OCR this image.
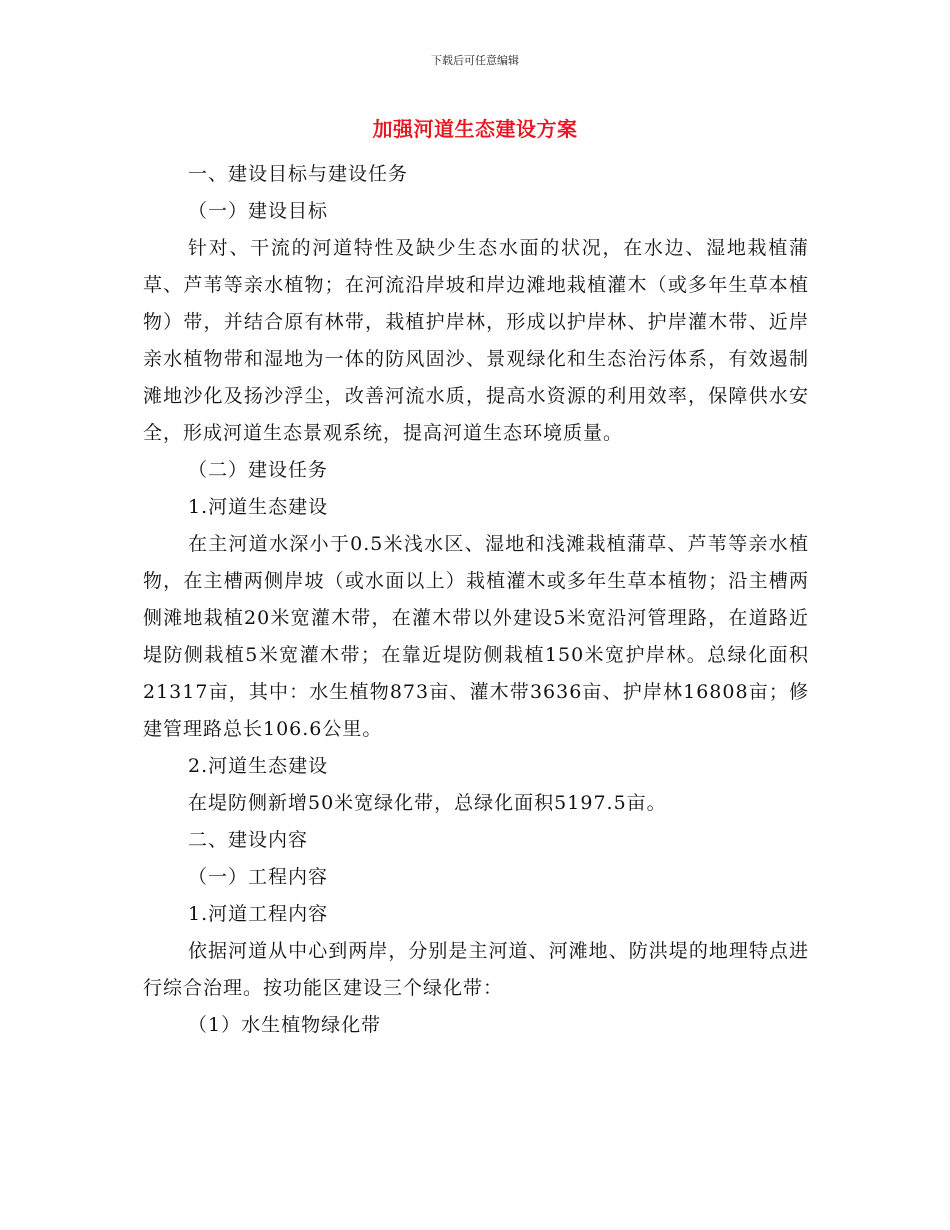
下载后可任意编辑
加强河道生态建设方案

一、建设目标与建设任务

（一）建设目标

针对、干流的河道特性及缺少生态水面的状况，在水边、湿地栽植蒲草、芦苇等亲水植物；在河流沿岸坡和岸边滩地栽植灌木（或多年生草本植物）带，并结合原有林带，栽植护岸林，形成以护岸林、护岸灌木带、近岸亲水植物带和湿地为一体的防风固沙、景观绿化和生态治污体系，有效遏制滩地沙化及扬沙浮尘，改善河流水质，提高水资源的利用效率，保障供水安全，形成河道生态景观系统，提高河道生态环境质量。

（二）建设任务

1.河道生态建设

在主河道水深小于0.5米浅水区、湿地和浅滩栽植蒲草、芦苇等亲水植物，在主槽两侧岸坡（或水面以上）栽植灌木或多年生草本植物；沿主槽两侧滩地栽植20米宽灌木带，在灌木带以外建设5米宽沿河管理路，在道路近堤防侧栽植5米宽灌木带；在靠近堤防侧栽植150米宽护岸林。总绿化面积21317亩，其中：水生植物873亩、灌木带3636亩、护岸林16808亩；修建管理路总长106.6公里。

2.河道生态建设

在堤防侧新增50米宽绿化带，总绿化面积5197.5亩。

二、建设内容

（一）工程内容

1.河道工程内容

依据河道从中心到两岸，分别是主河道、河滩地、防洪堤的地理特点进行综合治理。按功能区建设三个绿化带：

（1）水生植物绿化带
